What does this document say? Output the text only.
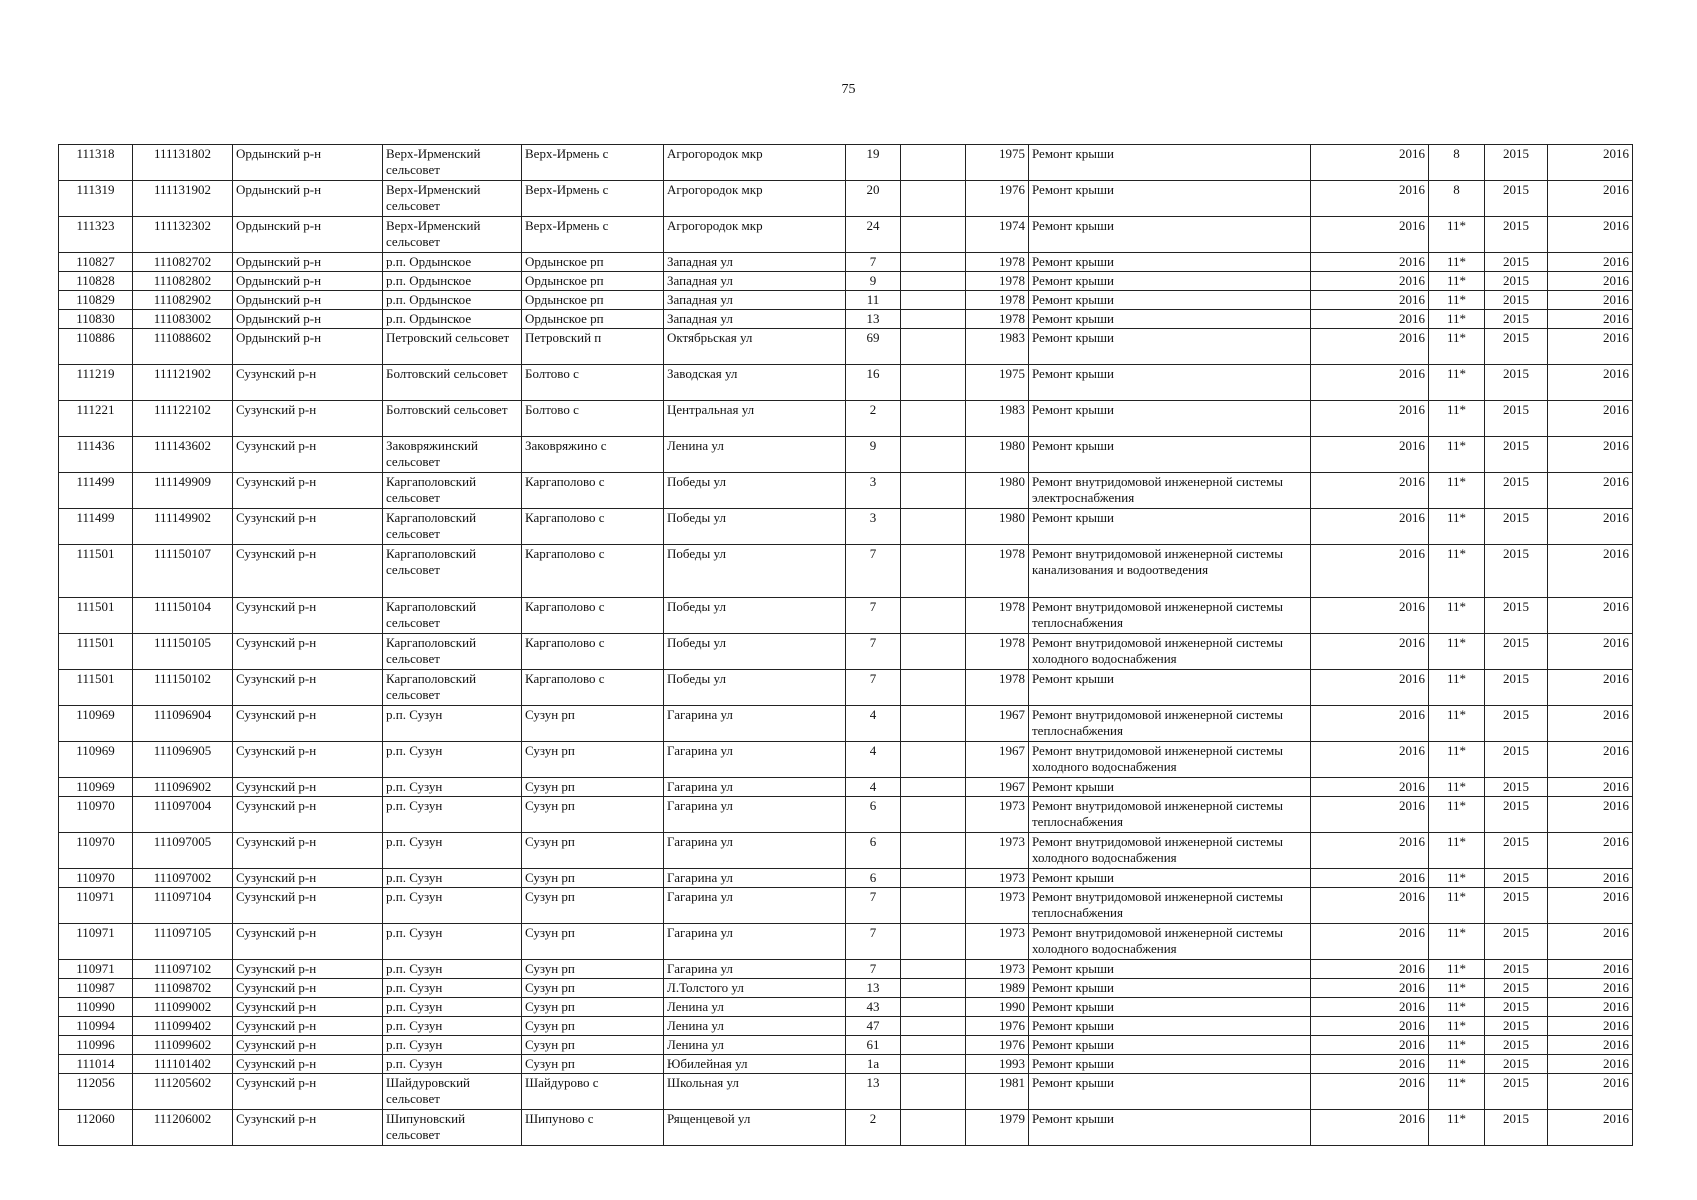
75
111318	111131802	Ордынский р-н	Верх-Ирменский сельсовет	Верх-Ирмень с	Агрогородок мкр	19		1975	Ремонт крыши	2016	8	2015	2016
111319	111131902	Ордынский р-н	Верх-Ирменский сельсовет	Верх-Ирмень с	Агрогородок мкр	20		1976	Ремонт крыши	2016	8	2015	2016
111323	111132302	Ордынский р-н	Верх-Ирменский сельсовет	Верх-Ирмень с	Агрогородок мкр	24		1974	Ремонт крыши	2016	11*	2015	2016
110827	111082702	Ордынский р-н	р.п. Ордынское	Ордынское рп	Западная ул	7		1978	Ремонт крыши	2016	11*	2015	2016
110828	111082802	Ордынский р-н	р.п. Ордынское	Ордынское рп	Западная ул	9		1978	Ремонт крыши	2016	11*	2015	2016
110829	111082902	Ордынский р-н	р.п. Ордынское	Ордынское рп	Западная ул	11		1978	Ремонт крыши	2016	11*	2015	2016
110830	111083002	Ордынский р-н	р.п. Ордынское	Ордынское рп	Западная ул	13		1978	Ремонт крыши	2016	11*	2015	2016
110886	111088602	Ордынский р-н	Петровский сельсовет	Петровский п	Октябрьская ул	69		1983	Ремонт крыши	2016	11*	2015	2016
111219	111121902	Сузунский р-н	Болтовский сельсовет	Болтово с	Заводская ул	16		1975	Ремонт крыши	2016	11*	2015	2016
111221	111122102	Сузунский р-н	Болтовский сельсовет	Болтово с	Центральная ул	2		1983	Ремонт крыши	2016	11*	2015	2016
111436	111143602	Сузунский р-н	Заковряжинский сельсовет	Заковряжино с	Ленина ул	9		1980	Ремонт крыши	2016	11*	2015	2016
111499	111149909	Сузунский р-н	Каргаполовский сельсовет	Каргаполово с	Победы ул	3		1980	Ремонт внутридомовой инженерной системы электроснабжения	2016	11*	2015	2016
111499	111149902	Сузунский р-н	Каргаполовский сельсовет	Каргаполово с	Победы ул	3		1980	Ремонт крыши	2016	11*	2015	2016
111501	111150107	Сузунский р-н	Каргаполовский сельсовет	Каргаполово с	Победы ул	7		1978	Ремонт внутридомовой инженерной системы канализования и водоотведения	2016	11*	2015	2016
111501	111150104	Сузунский р-н	Каргаполовский сельсовет	Каргаполово с	Победы ул	7		1978	Ремонт внутридомовой инженерной системы теплоснабжения	2016	11*	2015	2016
111501	111150105	Сузунский р-н	Каргаполовский сельсовет	Каргаполово с	Победы ул	7		1978	Ремонт внутридомовой инженерной системы холодного водоснабжения	2016	11*	2015	2016
111501	111150102	Сузунский р-н	Каргаполовский сельсовет	Каргаполово с	Победы ул	7		1978	Ремонт крыши	2016	11*	2015	2016
110969	111096904	Сузунский р-н	р.п. Сузун	Сузун рп	Гагарина ул	4		1967	Ремонт внутридомовой инженерной системы теплоснабжения	2016	11*	2015	2016
110969	111096905	Сузунский р-н	р.п. Сузун	Сузун рп	Гагарина ул	4		1967	Ремонт внутридомовой инженерной системы холодного водоснабжения	2016	11*	2015	2016
110969	111096902	Сузунский р-н	р.п. Сузун	Сузун рп	Гагарина ул	4		1967	Ремонт крыши	2016	11*	2015	2016
110970	111097004	Сузунский р-н	р.п. Сузун	Сузун рп	Гагарина ул	6		1973	Ремонт внутридомовой инженерной системы теплоснабжения	2016	11*	2015	2016
110970	111097005	Сузунский р-н	р.п. Сузун	Сузун рп	Гагарина ул	6		1973	Ремонт внутридомовой инженерной системы холодного водоснабжения	2016	11*	2015	2016
110970	111097002	Сузунский р-н	р.п. Сузун	Сузун рп	Гагарина ул	6		1973	Ремонт крыши	2016	11*	2015	2016
110971	111097104	Сузунский р-н	р.п. Сузун	Сузун рп	Гагарина ул	7		1973	Ремонт внутридомовой инженерной системы теплоснабжения	2016	11*	2015	2016
110971	111097105	Сузунский р-н	р.п. Сузун	Сузун рп	Гагарина ул	7		1973	Ремонт внутридомовой инженерной системы холодного водоснабжения	2016	11*	2015	2016
110971	111097102	Сузунский р-н	р.п. Сузун	Сузун рп	Гагарина ул	7		1973	Ремонт крыши	2016	11*	2015	2016
110987	111098702	Сузунский р-н	р.п. Сузун	Сузун рп	Л.Толстого ул	13		1989	Ремонт крыши	2016	11*	2015	2016
110990	111099002	Сузунский р-н	р.п. Сузун	Сузун рп	Ленина ул	43		1990	Ремонт крыши	2016	11*	2015	2016
110994	111099402	Сузунский р-н	р.п. Сузун	Сузун рп	Ленина ул	47		1976	Ремонт крыши	2016	11*	2015	2016
110996	111099602	Сузунский р-н	р.п. Сузун	Сузун рп	Ленина ул	61		1976	Ремонт крыши	2016	11*	2015	2016
111014	111101402	Сузунский р-н	р.п. Сузун	Сузун рп	Юбилейная ул	1а		1993	Ремонт крыши	2016	11*	2015	2016
112056	111205602	Сузунский р-н	Шайдуровский сельсовет	Шайдурово с	Школьная ул	13		1981	Ремонт крыши	2016	11*	2015	2016
112060	111206002	Сузунский р-н	Шипуновский сельсовет	Шипуново с	Рященцевой ул	2		1979	Ремонт крыши	2016	11*	2015	2016
